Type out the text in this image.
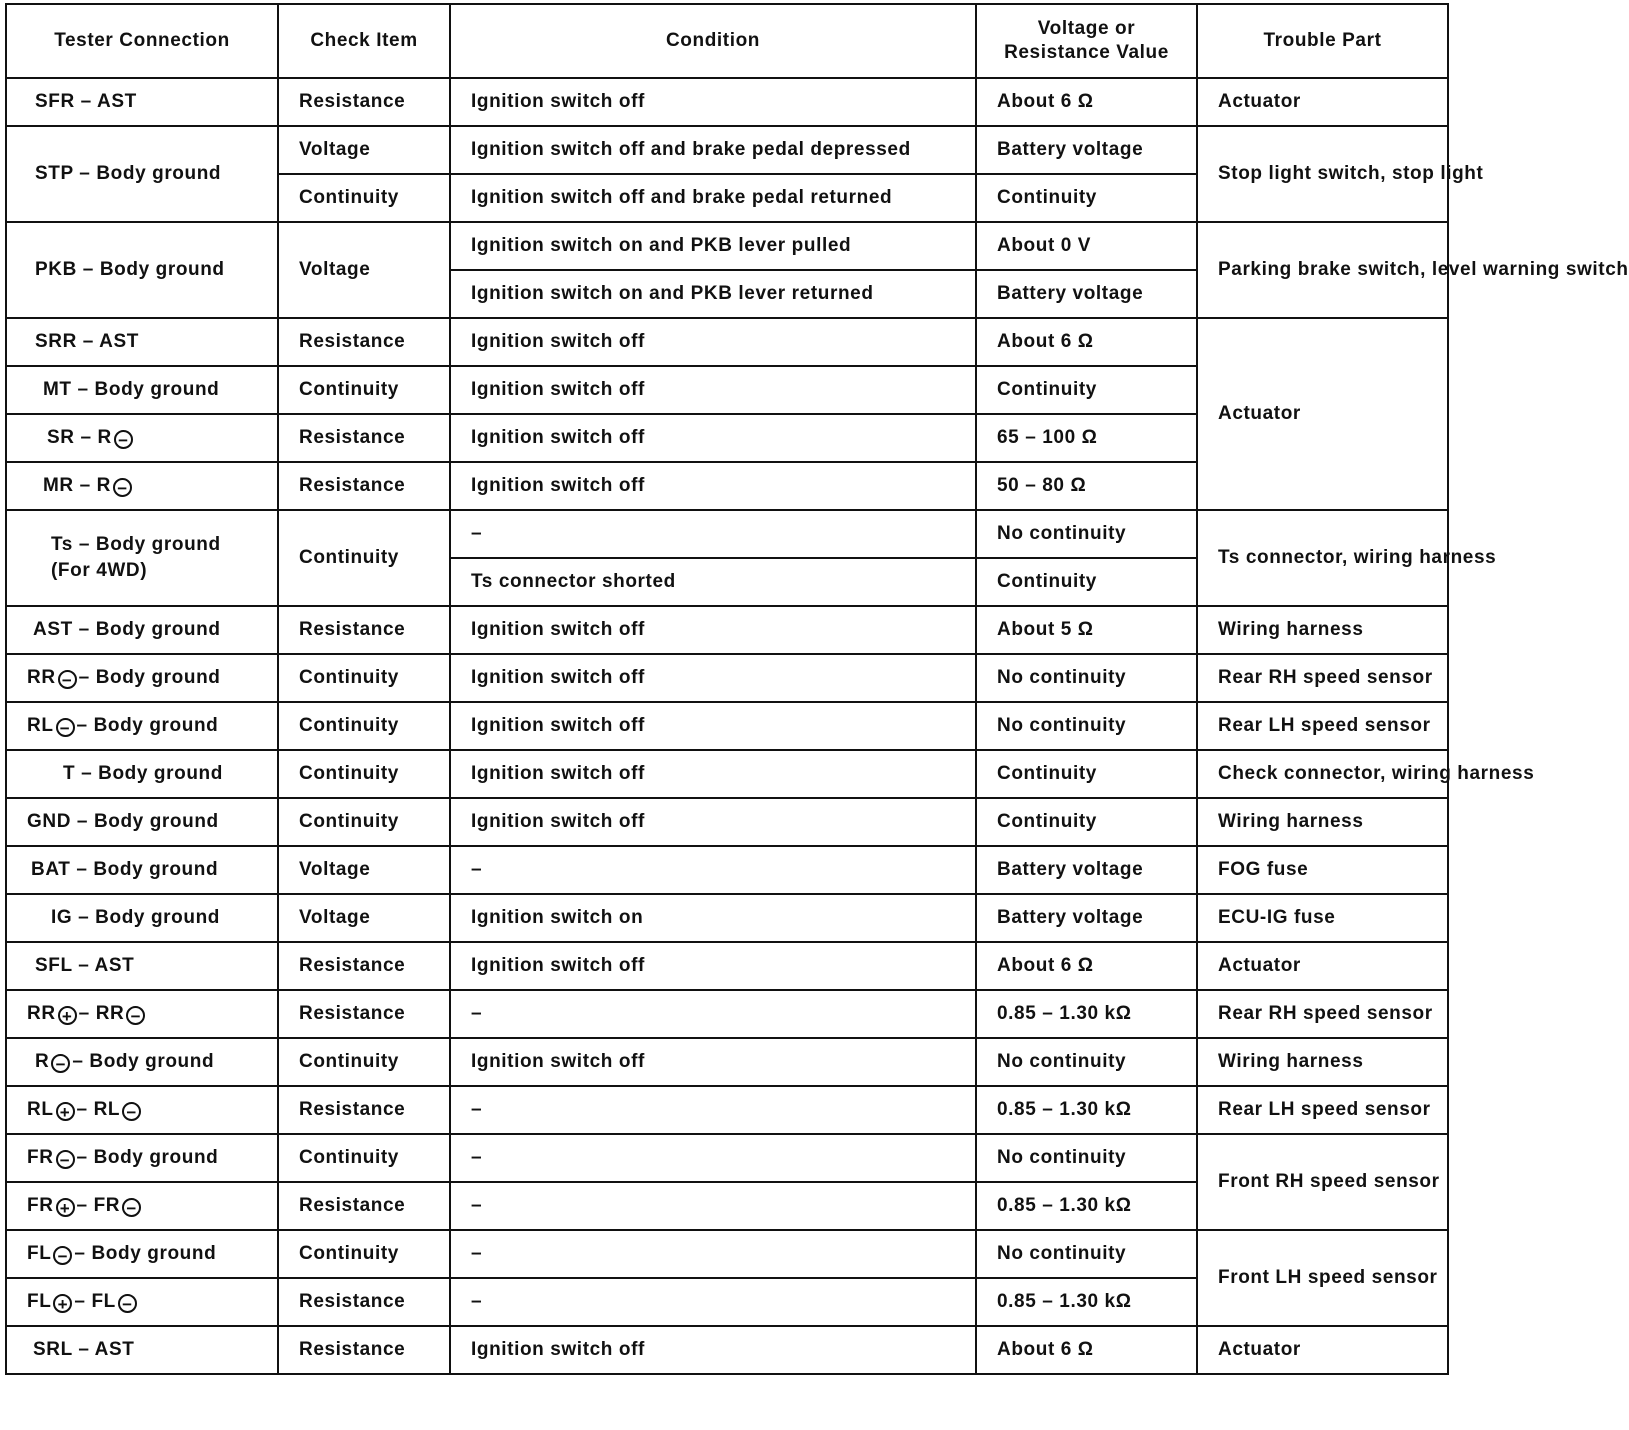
Tester Connection	Check Item	Condition	Voltage or Resistance Value	Trouble Part
SFR – AST	Resistance	Ignition switch off	About 6 Ω	Actuator
STP – Body ground	Voltage	Ignition switch off and brake pedal depressed	Battery voltage	Stop light switch, stop light
	Continuity	Ignition switch off and brake pedal returned	Continuity	
PKB – Body ground	Voltage	Ignition switch on and PKB lever pulled	About 0 V	Parking brake switch, level warning switch
		Ignition switch on and PKB lever returned	Battery voltage	
SRR – AST	Resistance	Ignition switch off	About 6 Ω	Actuator
MT – Body ground	Continuity	Ignition switch off	Continuity	
SR – R −	Resistance	Ignition switch off	65 – 100 Ω	
MR – R −	Resistance	Ignition switch off	50 – 80 Ω	
Ts – Body ground (For 4WD)	Continuity	–	No continuity	Ts connector, wiring harness
		Ts connector shorted	Continuity	
AST – Body ground	Resistance	Ignition switch off	About 5 Ω	Wiring harness
RR − – Body ground	Continuity	Ignition switch off	No continuity	Rear RH speed sensor
RL − – Body ground	Continuity	Ignition switch off	No continuity	Rear LH speed sensor
T – Body ground	Continuity	Ignition switch off	Continuity	Check connector, wiring harness
GND – Body ground	Continuity	Ignition switch off	Continuity	Wiring harness
BAT – Body ground	Voltage	–	Battery voltage	FOG fuse
IG – Body ground	Voltage	Ignition switch on	Battery voltage	ECU-IG fuse
SFL – AST	Resistance	Ignition switch off	About 6 Ω	Actuator
RR + – RR −	Resistance	–	0.85 – 1.30 kΩ	Rear RH speed sensor
R − – Body ground	Continuity	Ignition switch off	No continuity	Wiring harness
RL + – RL −	Resistance	–	0.85 – 1.30 kΩ	Rear LH speed sensor
FR − – Body ground	Continuity	–	No continuity	Front RH speed sensor
FR + – FR −	Resistance	–	0.85 – 1.30 kΩ	
FL − – Body ground	Continuity	–	No continuity	Front LH speed sensor
FL + – FL −	Resistance	–	0.85 – 1.30 kΩ	
SRL – AST	Resistance	Ignition switch off	About 6 Ω	Actuator
